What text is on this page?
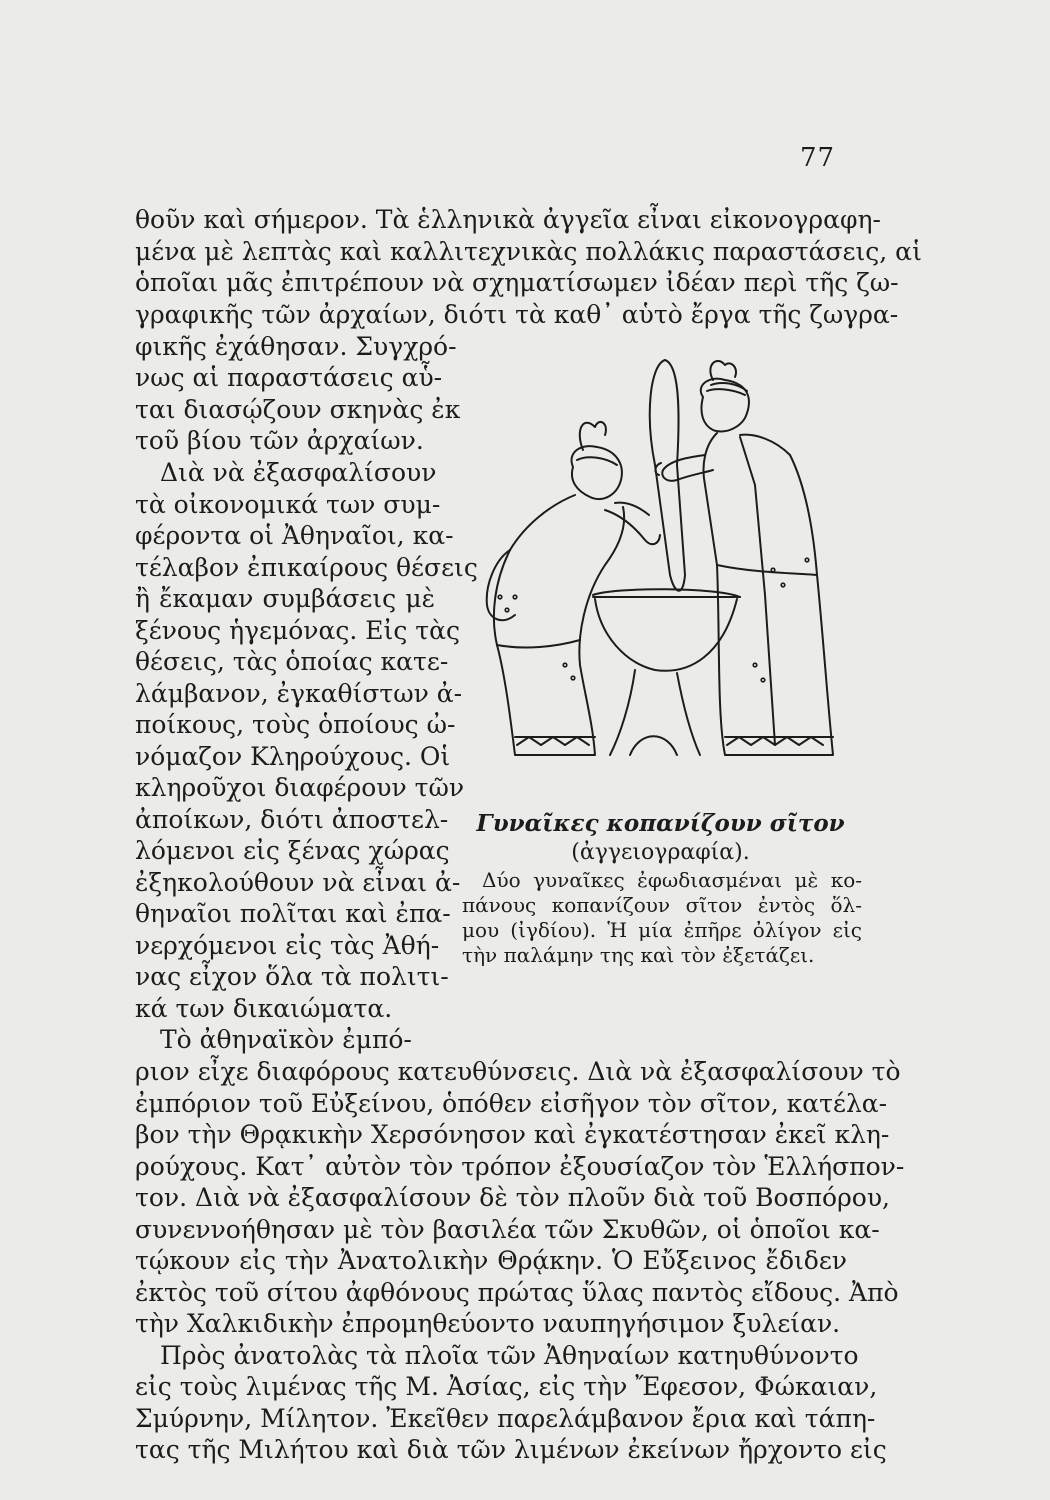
77
θοῦν καὶ σήμερον. Τὰ ἑλληνικὰ ἀγγεῖα εἶναι εἰκονογραφη-
μένα μὲ λεπτὰς καὶ καλλιτεχνικὰς πολλάκις παραστάσεις, αἱ
ὁποῖαι μᾶς ἐπιτρέπουν νὰ σχηματίσωμεν ἰδέαν περὶ τῆς ζω-
γραφικῆς τῶν ἀρχαίων, διότι τὰ καθ᾽ αὑτὸ ἔργα τῆς ζωγρα-
φικῆς ἐχάθησαν. Συγχρό-
νως αἱ παραστάσεις αὗ-
ται διασῴζουν σκηνὰς ἐκ
τοῦ βίου τῶν ἀρχαίων.
Διὰ νὰ ἐξασφαλίσουν
τὰ οἰκονομικά των συμ-
φέροντα οἱ Ἀθηναῖοι, κα-
τέλαβον ἐπικαίρους θέσεις
ἢ ἔκαμαν συμβάσεις μὲ
ξένους ἡγεμόνας. Εἰς τὰς
θέσεις, τὰς ὁποίας κατε-
λάμβανον, ἐγκαθίστων ἀ-
ποίκους, τοὺς ὁποίους ὠ-
νόμαζον Κληρούχους. Οἱ
κληροῦχοι διαφέρουν τῶν
ἀποίκων, διότι ἀποστελ-
λόμενοι εἰς ξένας χώρας
ἐξηκολούθουν νὰ εἶναι ἀ-
θηναῖοι πολῖται καὶ ἐπα-
νερχόμενοι εἰς τὰς Ἀθή-
νας εἶχον ὅλα τὰ πολιτι-
κά των δικαιώματα.
Τὸ ἀθηναϊκὸν ἐμπό-
ριον εἶχε διαφόρους κατευθύνσεις. Διὰ νὰ ἐξασφαλίσουν τὸ
ἐμπόριον τοῦ Εὐξείνου, ὁπόθεν εἰσῆγον τὸν σῖτον, κατέλα-
βον τὴν Θρᾳκικὴν Χερσόνησον καὶ ἐγκατέστησαν ἐκεῖ κλη-
ρούχους. Κατ᾽ αὐτὸν τὸν τρόπον ἐξουσίαζον τὸν Ἑλλήσπον-
τον. Διὰ νὰ ἐξασφαλίσουν δὲ τὸν πλοῦν διὰ τοῦ Βοσπόρου,
συνεννοήθησαν μὲ τὸν βασιλέα τῶν Σκυθῶν, οἱ ὁποῖοι κα-
τῴκουν εἰς τὴν Ἀνατολικὴν Θρᾴκην. Ὁ Εὔξεινος ἔδιδεν
ἐκτὸς τοῦ σίτου ἀφθόνους πρώτας ὕλας παντὸς εἴδους. Ἀπὸ
τὴν Χαλκιδικὴν ἐπρομηθεύοντο ναυπηγήσιμον ξυλείαν.
Πρὸς ἀνατολὰς τὰ πλοῖα τῶν Ἀθηναίων κατηυθύνοντο
εἰς τοὺς λιμένας τῆς Μ. Ἀσίας, εἰς τὴν Ἔφεσον, Φώκαιαν,
Σμύρνην, Μίλητον. Ἐκεῖθεν παρελάμβανον ἔρια καὶ τάπη-
τας τῆς Μιλήτου καὶ διὰ τῶν λιμένων ἐκείνων ἤρχοντο εἰς
Γυναῖκες κοπανίζουν σῖτον
(ἀγγειογραφία).
Δύο γυναῖκες ἐφωδιασμέναι μὲ κο-
πάνους κοπανίζουν σῖτον ἐντὸς ὅλ-
μου (ἰγδίου). Ἡ μία ἐπῆρε ὀλίγον εἰς
τὴν παλάμην της καὶ τὸν ἐξετάζει.
